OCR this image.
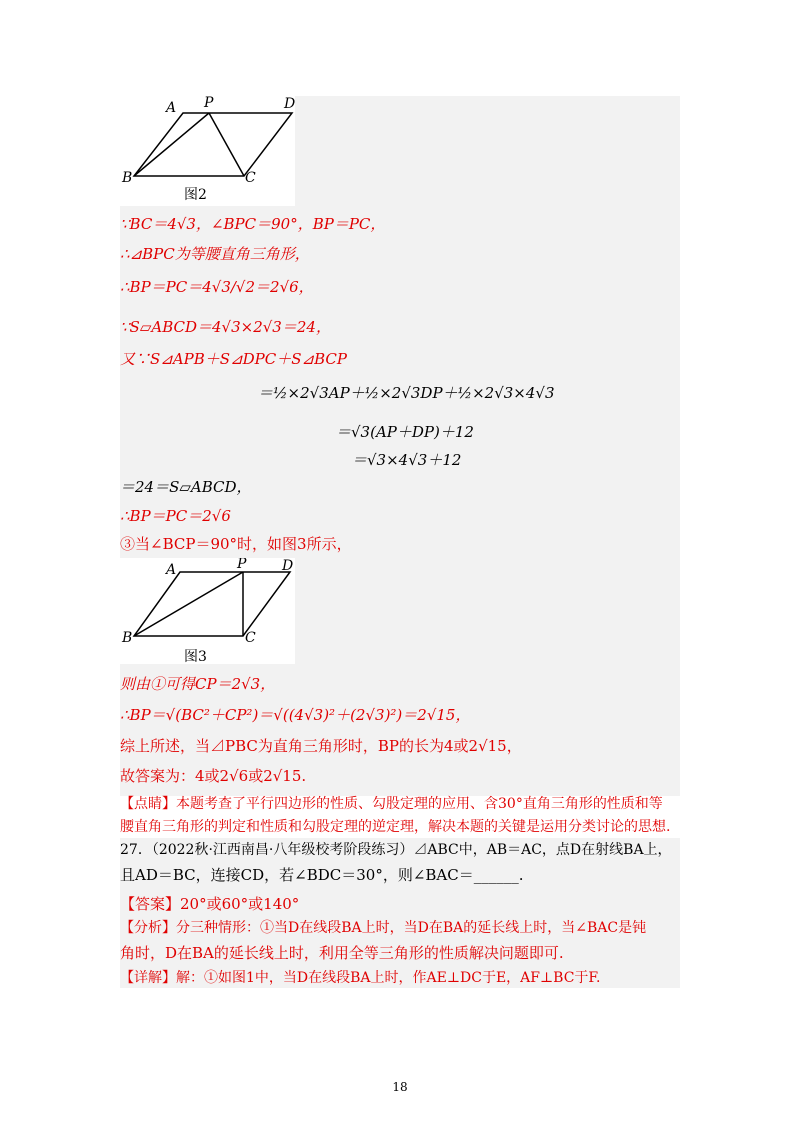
A P	D
B	C
图2
∵BC＝4√3，∠BPC＝90°，BP＝PC，
∴⊿BPC为等腰直角三角形，
∴BP＝PC＝4√3/√2＝2√6，
∵S▱ABCD＝4√3×2√3＝24，
又∵S⊿APB＋S⊿DPC＋S⊿BCP
＝½×2√3AP＋½×2√3DP＋½×2√3×4√3
＝√3(AP＋DP)＋12
＝√3×4√3＋12
＝24＝S▱ABCD，
∴BP＝PC＝2√6
③当∠BCP＝90°时，如图3所示，
A	P	D
B	C
图3
则由①可得CP＝2√3，
∴BP＝√(BC²＋CP²)＝√((4√3)²＋(2√3)²)＝2√15，
综上所述，当⊿PBC为直角三角形时，BP的长为4或2√15，
故答案为：4或2√6或2√15.
【点睛】本题考查了平行四边形的性质、勾股定理的应用、含30°直角三角形的性质和等
腰直角三角形的判定和性质和勾股定理的逆定理，解决本题的关键是运用分类讨论的思想.
27．（2022秋·江西南昌·八年级校考阶段练习）⊿ABC中，AB＝AC，点D在射线BA上，
且AD＝BC，连接CD，若∠BDC＝30°，则∠BAC＝______.
【答案】20°或60°或140°
【分析】分三种情形：①当D在线段BA上时，当D在BA的延长线上时，当∠BAC是钝
角时，D在BA的延长线上时，利用全等三角形的性质解决问题即可.
【详解】解：①如图1中，当D在线段BA上时，作AE⊥DC于E，AF⊥BC于F.
18
